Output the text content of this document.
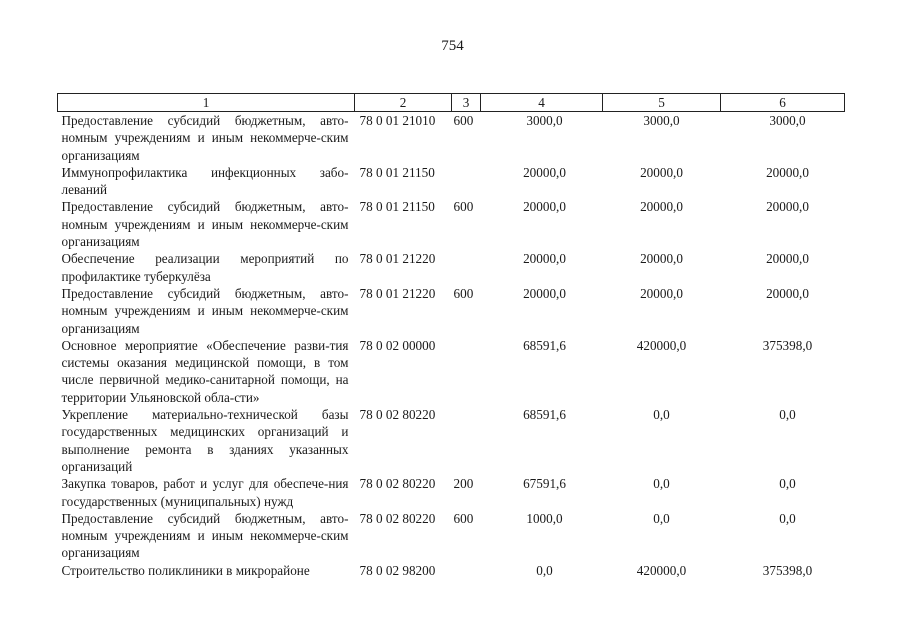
754
1	2	3	4	5	6
Предоставление субсидий бюджетным, авто-номным учреждениям и иным некоммерче-ским организациям	78 0 01 21010	600	3000,0	3000,0	3000,0
Иммунопрофилактика инфекционных забо-леваний	78 0 01 21150		20000,0	20000,0	20000,0
Предоставление субсидий бюджетным, авто-номным учреждениям и иным некоммерче-ским организациям	78 0 01 21150	600	20000,0	20000,0	20000,0
Обеспечение реализации мероприятий по профилактике туберкулёза	78 0 01 21220		20000,0	20000,0	20000,0
Предоставление субсидий бюджетным, авто-номным учреждениям и иным некоммерче-ским организациям	78 0 01 21220	600	20000,0	20000,0	20000,0
Основное мероприятие «Обеспечение разви-тия системы оказания медицинской помощи, в том числе первичной медико-санитарной помощи, на территории Ульяновской обла-сти»	78 0 02 00000		68591,6	420000,0	375398,0
Укрепление материально-технической базы государственных медицинских организаций и выполнение ремонта в зданиях указанных организаций	78 0 02 80220		68591,6	0,0	0,0
Закупка товаров, работ и услуг для обеспече-ния государственных (муниципальных) нужд	78 0 02 80220	200	67591,6	0,0	0,0
Предоставление субсидий бюджетным, авто-номным учреждениям и иным некоммерче-ским организациям	78 0 02 80220	600	1000,0	0,0	0,0
Строительство поликлиники в микрорайоне	78 0 02 98200		0,0	420000,0	375398,0
